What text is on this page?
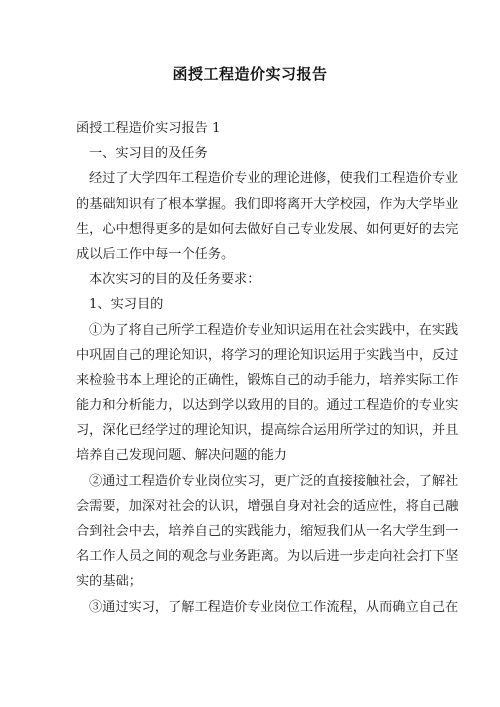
函授工程造价实习报告
函授工程造价实习报告 1
一、实习目的及任务
经过了大学四年工程造价专业的理论进修，使我们工程造价专业
的基础知识有了根本掌握。我们即将离开大学校园，作为大学毕业
生，心中想得更多的是如何去做好自己专业发展、如何更好的去完
成以后工作中每一个任务。
本次实习的目的及任务要求：
1、实习目的
①为了将自己所学工程造价专业知识运用在社会实践中，在实践
中巩固自己的理论知识，将学习的理论知识运用于实践当中，反过
来检验书本上理论的正确性，锻炼自己的动手能力，培养实际工作
能力和分析能力，以达到学以致用的目的。通过工程造价的专业实
习，深化已经学过的理论知识，提高综合运用所学过的知识，并且
培养自己发现问题、解决问题的能力
②通过工程造价专业岗位实习，更广泛的直接接触社会，了解社
会需要，加深对社会的认识，增强自身对社会的适应性，将自己融
合到社会中去，培养自己的实践能力，缩短我们从一名大学生到一
名工作人员之间的观念与业务距离。为以后进一步走向社会打下坚
实的基础；
③通过实习，了解工程造价专业岗位工作流程，从而确立自己在
